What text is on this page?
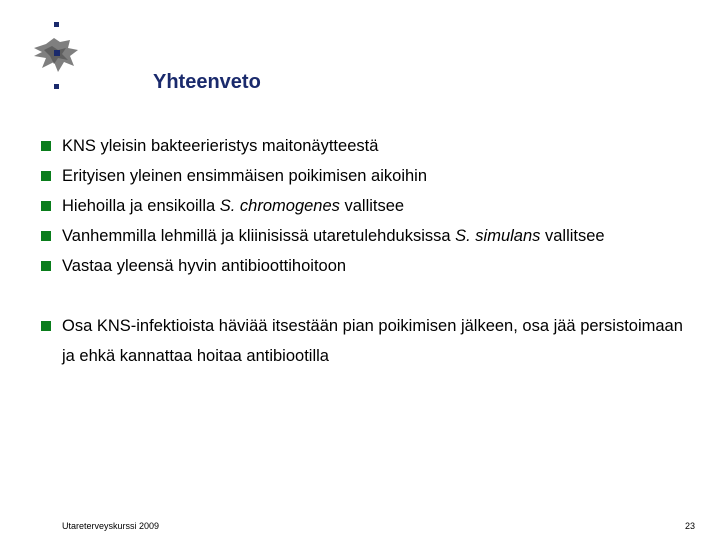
Yhteenveto
KNS yleisin bakteerieristys maitonäytteestä
Erityisen yleinen ensimmäisen poikimisen aikoihin
Hiehoilla ja ensikoilla S. chromogenes vallitsee
Vanhemmilla lehmillä ja kliinisissä utaretulehduksissa S. simulans vallitsee
Vastaa yleensä hyvin antibioottihoitoon
Osa KNS-infektioista häviää itsestään pian poikimisen jälkeen, osa jää persistoimaan ja ehkä kannattaa hoitaa antibiootilla
Utareterveyskurssi 2009	23
